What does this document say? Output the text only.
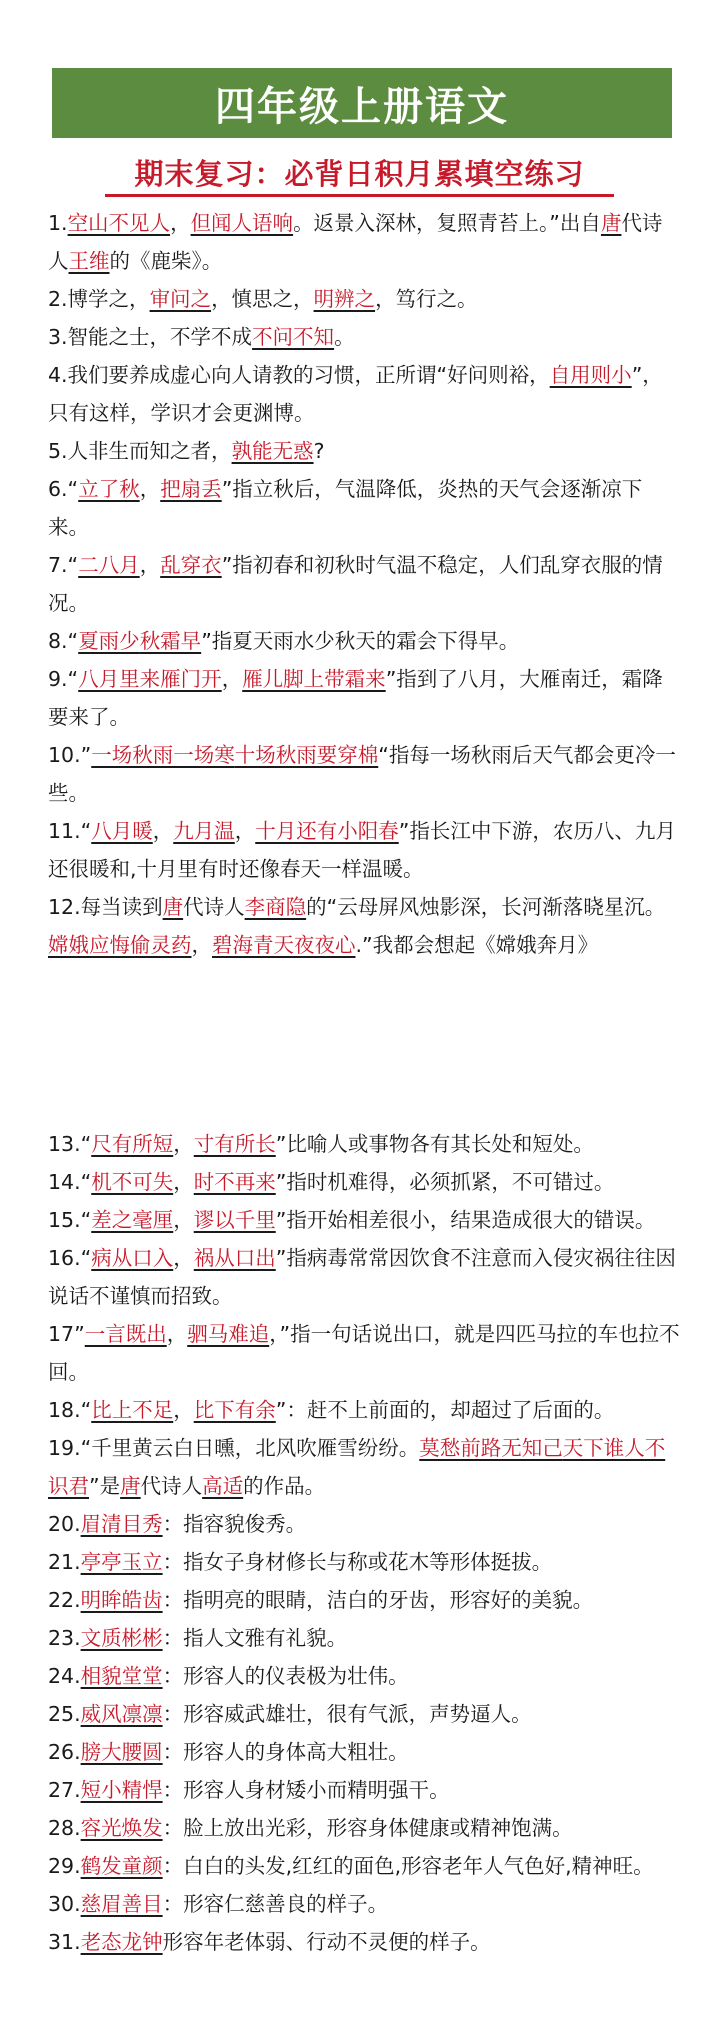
四年级上册语文
期末复习：必背日积月累填空练习

1.空山不见人，但闻人语响。返景入深林，复照青苔上。”出自唐代诗人王维的《鹿柴》。

2.博学之，审问之，慎思之，明辨之，笃行之。

3.智能之士，不学不成不问不知。

4.我们要养成虚心向人请教的习惯，正所谓“好问则裕，自用则小”，只有这样，学识才会更渊博。

5.人非生而知之者，孰能无惑?

6.“立了秋，把扇丢”指立秋后，气温降低，炎热的天气会逐渐凉下来。

7.“二八月，乱穿衣”指初春和初秋时气温不稳定，人们乱穿衣服的情况。

8.“夏雨少秋霜早”指夏天雨水少秋天的霜会下得早。

9.“八月里来雁门开，雁儿脚上带霜来”指到了八月，大雁南迁，霜降要来了。

10.”一场秋雨一场寒十场秋雨要穿棉“指每一场秋雨后天气都会更冷一些。

11.“八月暖，九月温，十月还有小阳春”指长江中下游，农历八、九月还很暖和,十月里有时还像春天一样温暖。

12.每当读到唐代诗人李商隐的“云母屏风烛影深，长河渐落晓星沉。嫦娥应悔偷灵药，碧海青天夜夜心.”我都会想起《嫦娥奔月》

13.“尺有所短，寸有所长”比喻人或事物各有其长处和短处。

14.“机不可失，时不再来”指时机难得，必须抓紧，不可错过。

15.“差之毫厘，谬以千里”指开始相差很小，结果造成很大的错误。

16.“病从口入，祸从口出”指病毒常常因饮食不注意而入侵灾祸往往因说话不谨慎而招致。

17”一言既出，驷马难追，”指一句话说出口，就是四匹马拉的车也拉不回。

18.“比上不足，比下有余”：赶不上前面的，却超过了后面的。

19.“千里黄云白日曛，北风吹雁雪纷纷。莫愁前路无知己天下谁人不识君”是唐代诗人高适的作品。

20.眉清目秀：指容貌俊秀。

21.亭亭玉立：指女子身材修长与称或花木等形体挺拔。

22.明眸皓齿：指明亮的眼睛，洁白的牙齿，形容好的美貌。

23.文质彬彬：指人文雅有礼貌。

24.相貌堂堂：形容人的仪表极为壮伟。

25.威风凛凛：形容威武雄壮，很有气派，声势逼人。

26.膀大腰圆：形容人的身体高大粗壮。

27.短小精悍：形容人身材矮小而精明强干。

28.容光焕发：脸上放出光彩，形容身体健康或精神饱满。

29.鹤发童颜：白白的头发,红红的面色,形容老年人气色好,精神旺。

30.慈眉善目：形容仁慈善良的样子。

31.老态龙钟形容年老体弱、行动不灵便的样子。
